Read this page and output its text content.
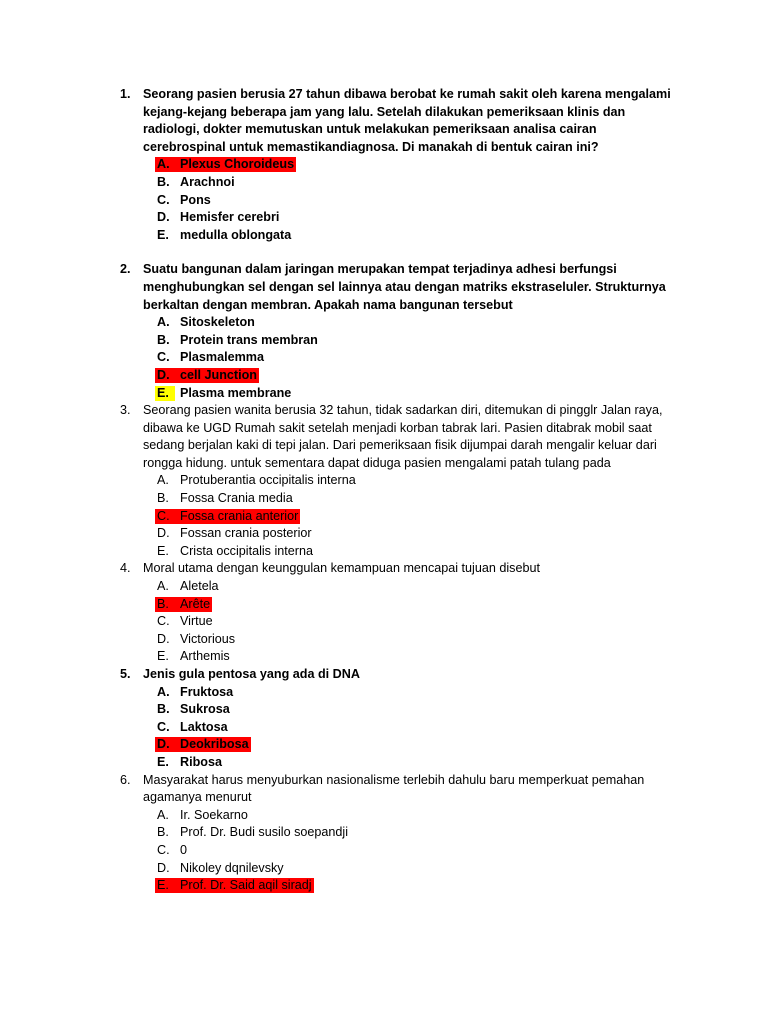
1. Seorang pasien berusia 27 tahun dibawa berobat ke rumah sakit oleh karena mengalami kejang-kejang beberapa jam yang lalu. Setelah dilakukan pemeriksaan klinis dan radiologi, dokter memutuskan untuk melakukan pemeriksaan analisa cairan cerebrospinal untuk memastikandiagnosa. Di manakah di bentuk cairan ini?
A. Plexus Choroideus
B. Arachnoi
C. Pons
D. Hemisfer cerebri
E. medulla oblongata
2. Suatu bangunan dalam jaringan merupakan tempat terjadinya adhesi berfungsi menghubungkan sel dengan sel lainnya atau dengan matriks ekstraseluler. Strukturnya berkaltan dengan membran. Apakah nama bangunan tersebut
A. Sitoskeleton
B. Protein trans membran
C. Plasmalemma
D. cell Junction
E. Plasma membrane
3. Seorang pasien wanita berusia 32 tahun, tidak sadarkan diri, ditemukan di pingglr Jalan raya, dibawa ke UGD Rumah sakit setelah menjadi korban tabrak lari. Pasien ditabrak mobil saat sedang berjalan kaki di tepi jalan. Dari pemeriksaan fisik dijumpai darah mengalir keluar dari rongga hidung. untuk sementara dapat diduga pasien mengalami patah tulang pada
A. Protuberantia occipitalis interna
B. Fossa Crania media
C. Fossa crania anterior
D. Fossan crania posterior
E. Crista occipitalis interna
4. Moral utama dengan keunggulan kemampuan mencapai tujuan disebut
A. Aletela
B. Arête
C. Virtue
D. Victorious
E. Arthemis
5. Jenis gula pentosa yang ada di DNA
A. Fruktosa
B. Sukrosa
C. Laktosa
D. Deokribosa
E. Ribosa
6. Masyarakat harus menyuburkan nasionalisme terlebih dahulu baru memperkuat pemahan agamanya menurut
A. Ir. Soekarno
B. Prof. Dr. Budi susilo soepandji
C. 0
D. Nikoley dqnilevsky
E. Prof. Dr. Said aqil siradj
